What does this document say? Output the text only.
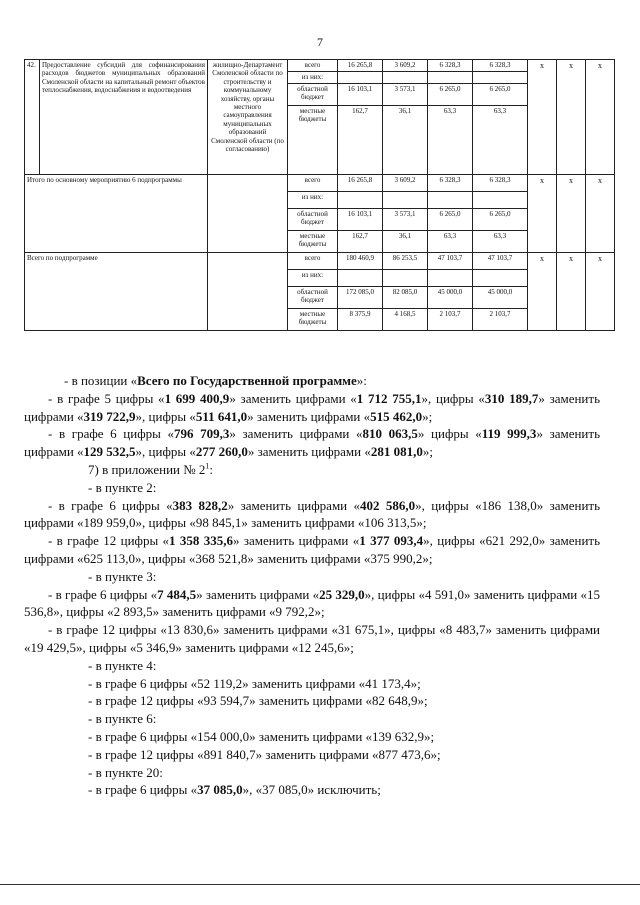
7
42.	Предоставление субсидий для софинансирования расходов бюджетов муниципальных образований Смоленской области на капитальный ремонт объектов теплоснабжения, водоснабжения и водоотведения	жилищно-Департамент Смоленской области по строительству и коммунальному хозяйству, органы местного самоуправления муниципальных образований Смоленской области (по согласованию)	всего	16 265,8	3 609,2	6 328,3	6 328,3	x	x	x
			из них:							
			областной бюджет	16 103,1	3 573,1	6 265,0	6 265,0			
			местные бюджеты	162,7	36,1	63,3	63,3			
Итого по основному мероприятию 6 подпрограммы			всего	16 265,8	3 609,2	6 328,3	6 328,3	x	x	x
			из них:							
			областной бюджет	16 103,1	3 573,1	6 265,0	6 265,0			
			местные бюджеты	162,7	36,1	63,3	63,3			
Всего по подпрограмме			всего	180 460,9	86 253,5	47 103,7	47 103,7	x	x	x
			из них:							
			областной бюджет	172 085,0	82 085,0	45 000,0	45 000,0			
			местные бюджеты	8 375,9	4 168,5	2 103,7	2 103,7			

- в позиции «Всего по Государственной программе»:

- в графе 5 цифры «1 699 400,9» заменить цифрами «1 712 755,1», цифры «310 189,7» заменить цифрами «319 722,9», цифры «511 641,0» заменить цифрами «515 462,0»;

- в графе 6 цифры «796 709,3» заменить цифрами «810 063,5» цифры «119 999,3» заменить цифрами «129 532,5», цифры «277 260,0» заменить цифрами «281 081,0»;

7) в приложении № $2^1$:

- в пункте 2:

- в графе 6 цифры «383 828,2» заменить цифрами «402 586,0», цифры «186 138,0» заменить цифрами «189 959,0», цифры «98 845,1» заменить цифрами «106 313,5»;

- в графе 12 цифры «1 358 335,6» заменить цифрами «1 377 093,4», цифры «621 292,0» заменить цифрами «625 113,0», цифры «368 521,8» заменить цифрами «375 990,2»;

- в пункте 3:

- в графе 6 цифры «7 484,5» заменить цифрами «25 329,0», цифры «4 591,0» заменить цифрами «15 536,8», цифры «2 893,5» заменить цифрами «9 792,2»;

- в графе 12 цифры «13 830,6» заменить цифрами «31 675,1», цифры «8 483,7» заменить цифрами «19 429,5», цифры «5 346,9» заменить цифрами «12 245,6»;

- в пункте 4:

- в графе 6 цифры «52 119,2» заменить цифрами «41 173,4»;

- в графе 12 цифры «93 594,7» заменить цифрами «82 648,9»;

- в пункте 6:

- в графе 6 цифры «154 000,0» заменить цифрами «139 632,9»;

- в графе 12 цифры «891 840,7» заменить цифрами «877 473,6»;

- в пункте 20:

- в графе 6 цифры «37 085,0», «37 085,0» исключить;
